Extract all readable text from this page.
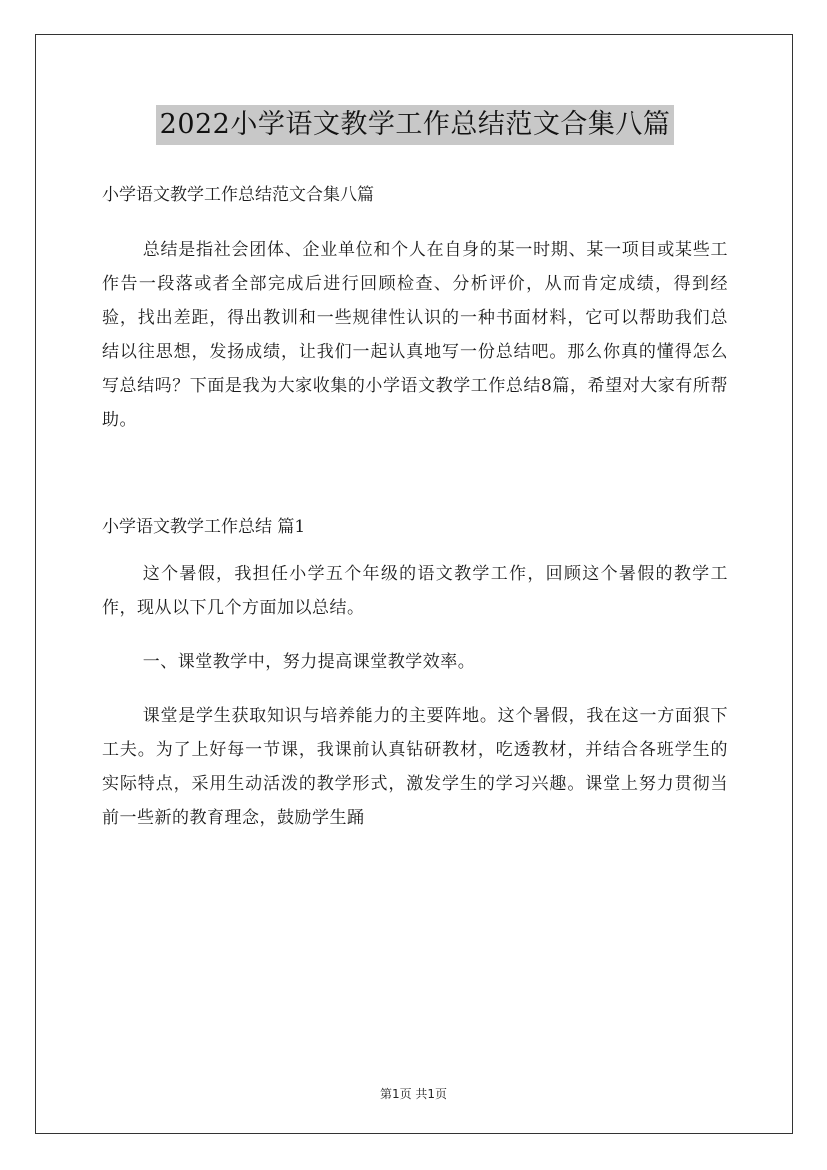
2022小学语文教学工作总结范文合集八篇
小学语文教学工作总结范文合集八篇

总结是指社会团体、企业单位和个人在自身的某一时期、某一项目或某些工作告一段落或者全部完成后进行回顾检查、分析评价，从而肯定成绩，得到经验，找出差距，得出教训和一些规律性认识的一种书面材料，它可以帮助我们总结以往思想，发扬成绩，让我们一起认真地写一份总结吧。那么你真的懂得怎么写总结吗？下面是我为大家收集的小学语文教学工作总结8篇，希望对大家有所帮助。

小学语文教学工作总结 篇1

这个暑假，我担任小学五个年级的语文教学工作，回顾这个暑假的教学工作，现从以下几个方面加以总结。

一、课堂教学中，努力提高课堂教学效率。

课堂是学生获取知识与培养能力的主要阵地。这个暑假，我在这一方面狠下工夫。为了上好每一节课，我课前认真钻研教材，吃透教材，并结合各班学生的实际特点，采用生动活泼的教学形式，激发学生的学习兴趣。课堂上努力贯彻当前一些新的教育理念，鼓励学生踊

第1页 共1页
